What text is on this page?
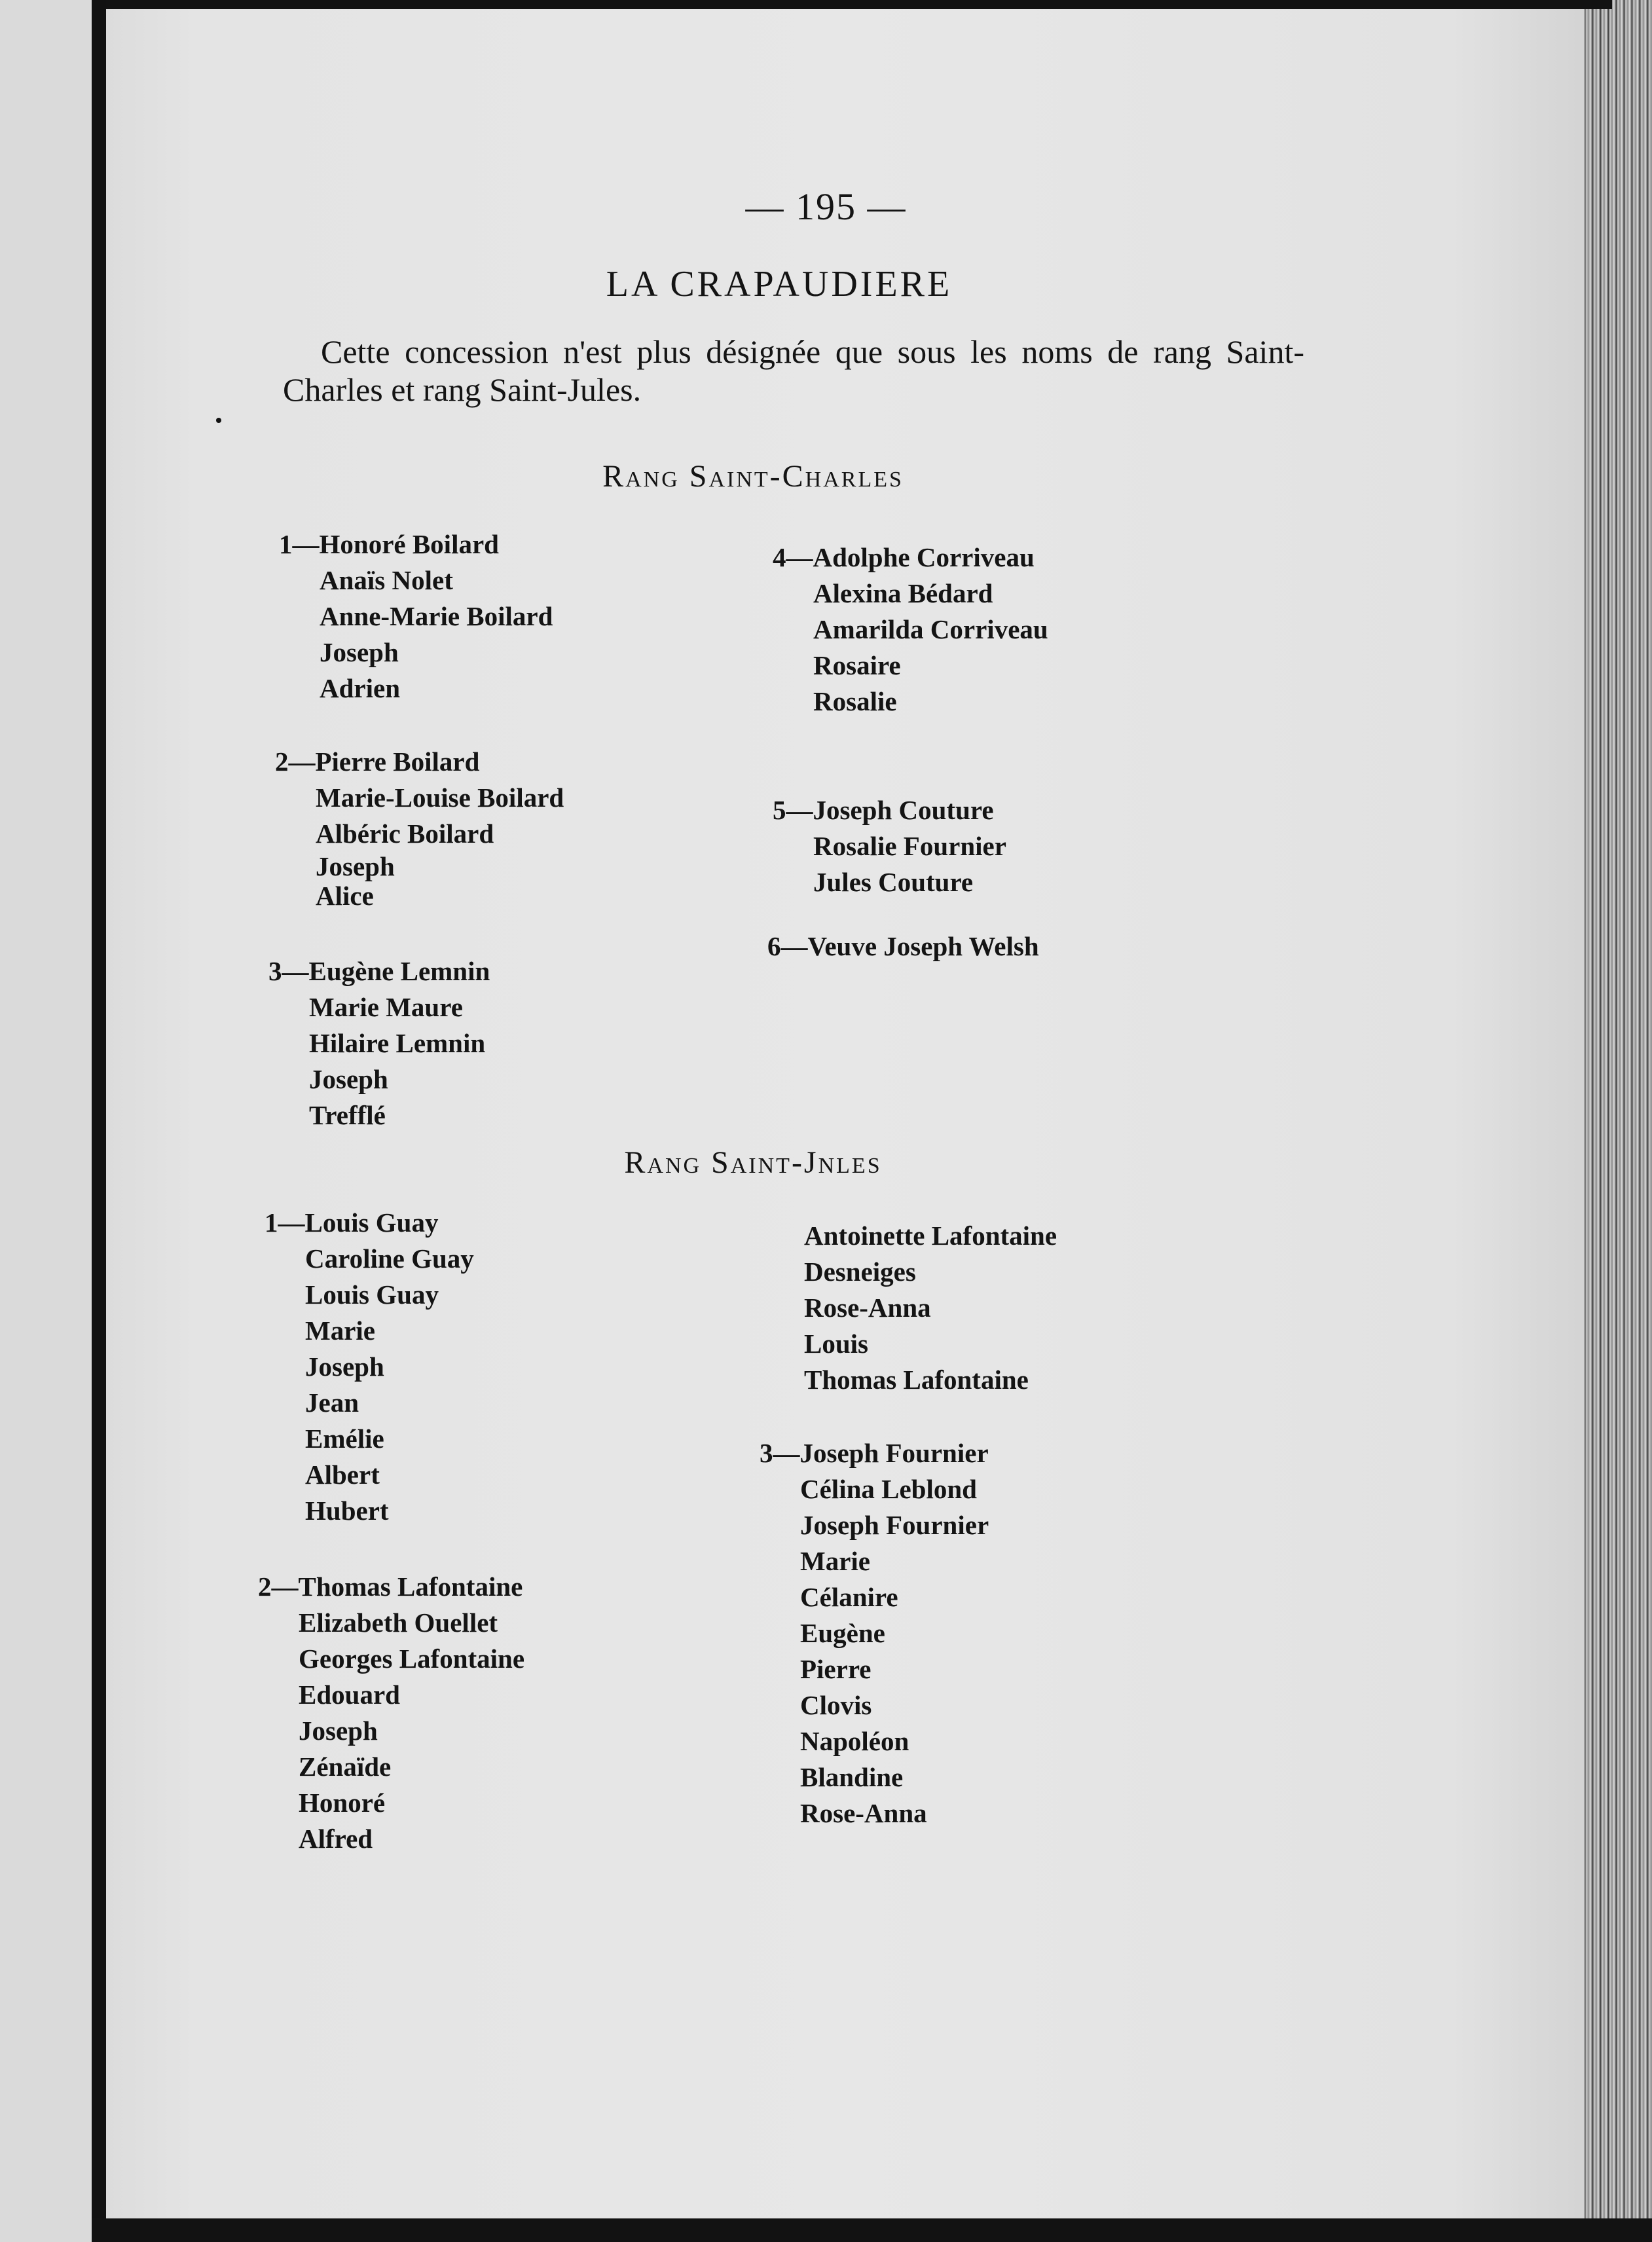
— 195 —
LA CRAPAUDIERE
Cette concession n'est plus désignée que sous les noms de rang Saint-Charles et rang Saint-Jules.
Rang Saint-Charles
1—Honoré Boilard
Anaïs Nolet
Anne-Marie Boilard
Joseph
Adrien
2—Pierre Boilard
Marie-Louise Boilard
Albéric Boilard
Joseph
Alice
3—Eugène Lemnin
Marie Maure
Hilaire Lemnin
Joseph
Trefflé
4—Adolphe Corriveau
Alexina Bédard
Amarilda Corriveau
Rosaire
Rosalie
5—Joseph Couture
Rosalie Fournier
Jules Couture
6—Veuve Joseph Welsh
Rang Saint-Jnles
1—Louis Guay
Caroline Guay
Louis Guay
Marie
Joseph
Jean
Emélie
Albert
Hubert
2—Thomas Lafontaine
Elizabeth Ouellet
Georges Lafontaine
Edouard
Joseph
Zénaïde
Honoré
Alfred
Antoinette Lafontaine
Desneiges
Rose-Anna
Louis
Thomas Lafontaine
3—Joseph Fournier
Célina Leblond
Joseph Fournier
Marie
Célanire
Eugène
Pierre
Clovis
Napoléon
Blandine
Rose-Anna
